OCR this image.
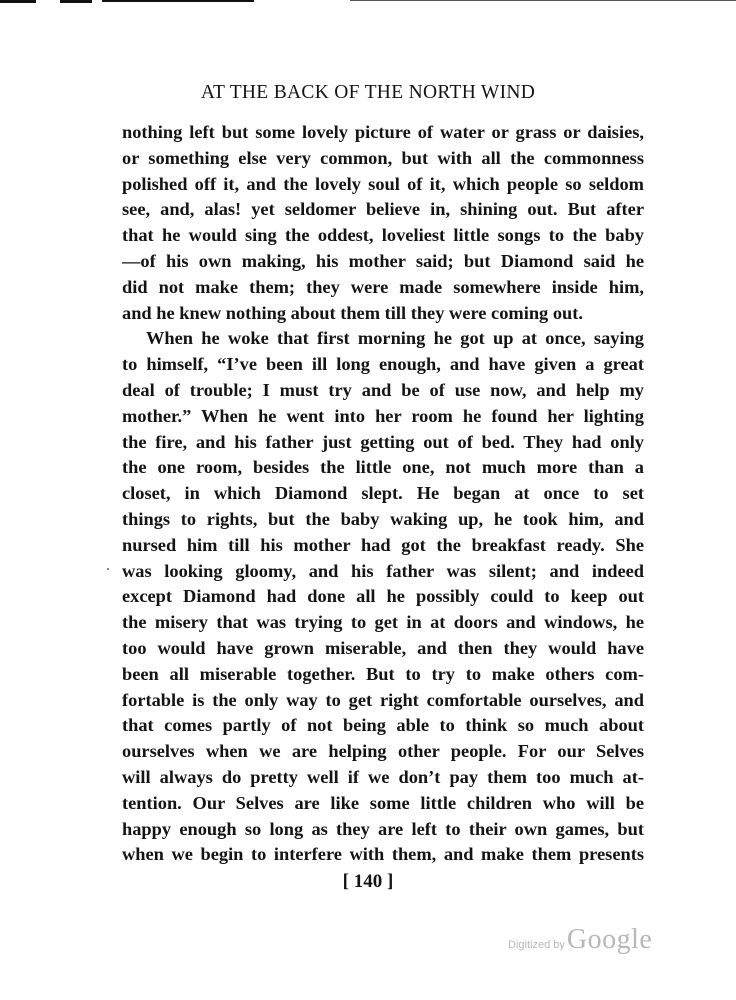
AT THE BACK OF THE NORTH WIND
nothing left but some lovely picture of water or grass or daisies,
or something else very common, but with all the commonness
polished off it, and the lovely soul of it, which people so seldom
see, and, alas! yet seldomer believe in, shining out. But after
that he would sing the oddest, loveliest little songs to the baby
—of his own making, his mother said; but Diamond said he
did not make them; they were made somewhere inside him,
and he knew nothing about them till they were coming out.
When he woke that first morning he got up at once, saying
to himself, “I’ve been ill long enough, and have given a great
deal of trouble; I must try and be of use now, and help my
mother.” When he went into her room he found her lighting
the fire, and his father just getting out of bed. They had only
the one room, besides the little one, not much more than a
closet, in which Diamond slept. He began at once to set
things to rights, but the baby waking up, he took him, and
nursed him till his mother had got the breakfast ready. She
was looking gloomy, and his father was silent; and indeed
except Diamond had done all he possibly could to keep out
the misery that was trying to get in at doors and windows, he
too would have grown miserable, and then they would have
been all miserable together. But to try to make others com-
fortable is the only way to get right comfortable ourselves, and
that comes partly of not being able to think so much about
ourselves when we are helping other people. For our Selves
will always do pretty well if we don’t pay them too much at-
tention. Our Selves are like some little children who will be
happy enough so long as they are left to their own games, but
when we begin to interfere with them, and make them presents
[ 140 ]
Digitized by Google
